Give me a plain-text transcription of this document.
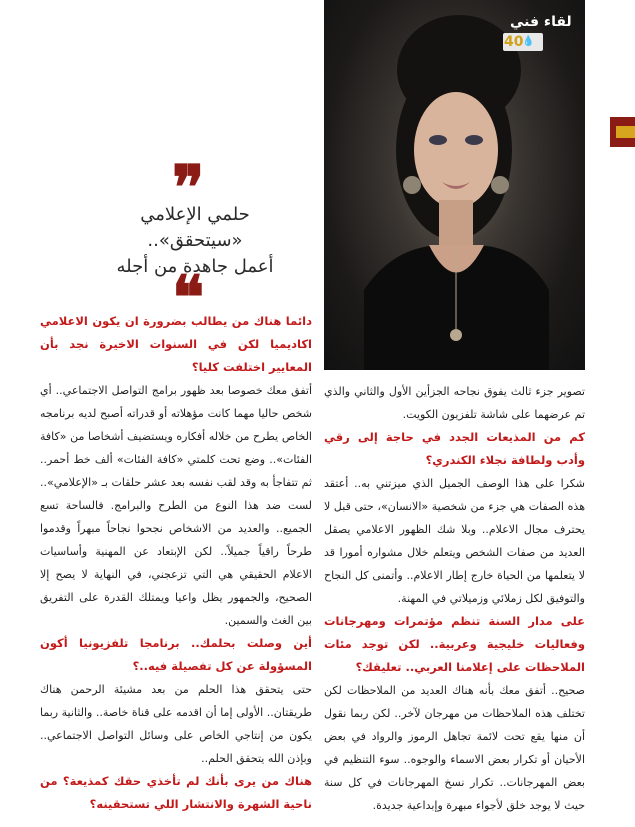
لقاء فني
40
💧
❞
حلمي الإعلامي «سيتحقق»..
أعمل جاهدة من أجله
❝
دائما هناك من يطالب بضرورة ان يكون الاعلامي اكاديميا لكن في السنوات الاخيرة نجد بأن المعايير اختلفت كليا؟
أتفق معك خصوصا بعد ظهور برامج التواصل الاجتماعي.. أي شخص حاليا مهما كانت مؤهلاته أو قدراته أصبح لديه برنامجه الخاص يطرح من خلاله أفكاره ويستضيف أشخاصا من «كافة الفئات».. وضع تحت كلمتي «كافة الفئات» ألف خط أحمر.. ثم تتفاجأ به وقد لقب نفسه بعد عشر حلقات بـ «الإعلامي».. لست ضد هذا النوع من الطرح والبرامج. فالساحة تسع الجميع.. والعديد من الاشخاص نجحوا نجاحاً مبهراً وقدموا طرحاً راقياً جميلاً.. لكن الإبتعاد عن المهنية وأساسيات الاعلام الحقيقي هي التي تزعجني، في النهاية لا يصح إلا الصحيح، والجمهور يظل واعيا ويمتلك القدرة على التفريق بين الغث والسمين.
أين وصلت بحلمك.. برنامجا تلفزيونيا أكون المسؤولة عن كل تفصيلة فيه..؟
حتى يتحقق هذا الحلم من بعد مشيئة الرحمن هناك طريقتان.. الأولى إما أن اقدمه على قناة خاصة.. والثانية ربما يكون من إنتاجي الخاص على وسائل التواصل الاجتماعي.. وبإذن الله يتحقق الحلم..
هناك من يرى بأنك لم تأخذي حقك كمذيعة؟ من ناحية الشهرة والانتشار اللي تستحقينه؟
تصوير جزء ثالث يفوق نجاحه الجزأين الأول والثاني والذي تم عرضهما على شاشة تلفزيون الكويت.
كم من المذيعات الجدد في حاجة إلى رقي وأدب ولطافة نجلاء الكندري؟
شكرا على هذا الوصف الجميل الذي ميزتني به.. أعتقد هذه الصفات هي جزء من شخصية «الانسان»، حتى قبل لا يحترف مجال الاعلام.. وبلا شك الظهور الاعلامي يصقل العديد من صفات الشخص ويتعلم خلال مشواره أمورا قد لا يتعلمها من الحياة خارج إطار الاعلام.. وأتمنى كل النجاح والتوفيق لكل زملائي وزميلاتي في المهنة.
على مدار السنة تنظم مؤتمرات ومهرجانات وفعاليات خليجية وعربية.. لكن توجد مئات الملاحظات على إعلامنا العربي.. تعليقك؟
صحيح.. أتفق معك بأنه هناك العديد من الملاحظات لكن تختلف هذه الملاحظات من مهرجان لآخر.. لكن ربما نقول أن منها يقع تحت لائمة تجاهل الرموز والرواد في بعض الأحيان أو تكرار بعض الاسماء والوجوه.. سوء التنظيم في بعض المهرجانات.. تكرار نسخ المهرجانات في كل سنة حيث لا يوجد خلق لأجواء مبهرة وإبداعية جديدة.
